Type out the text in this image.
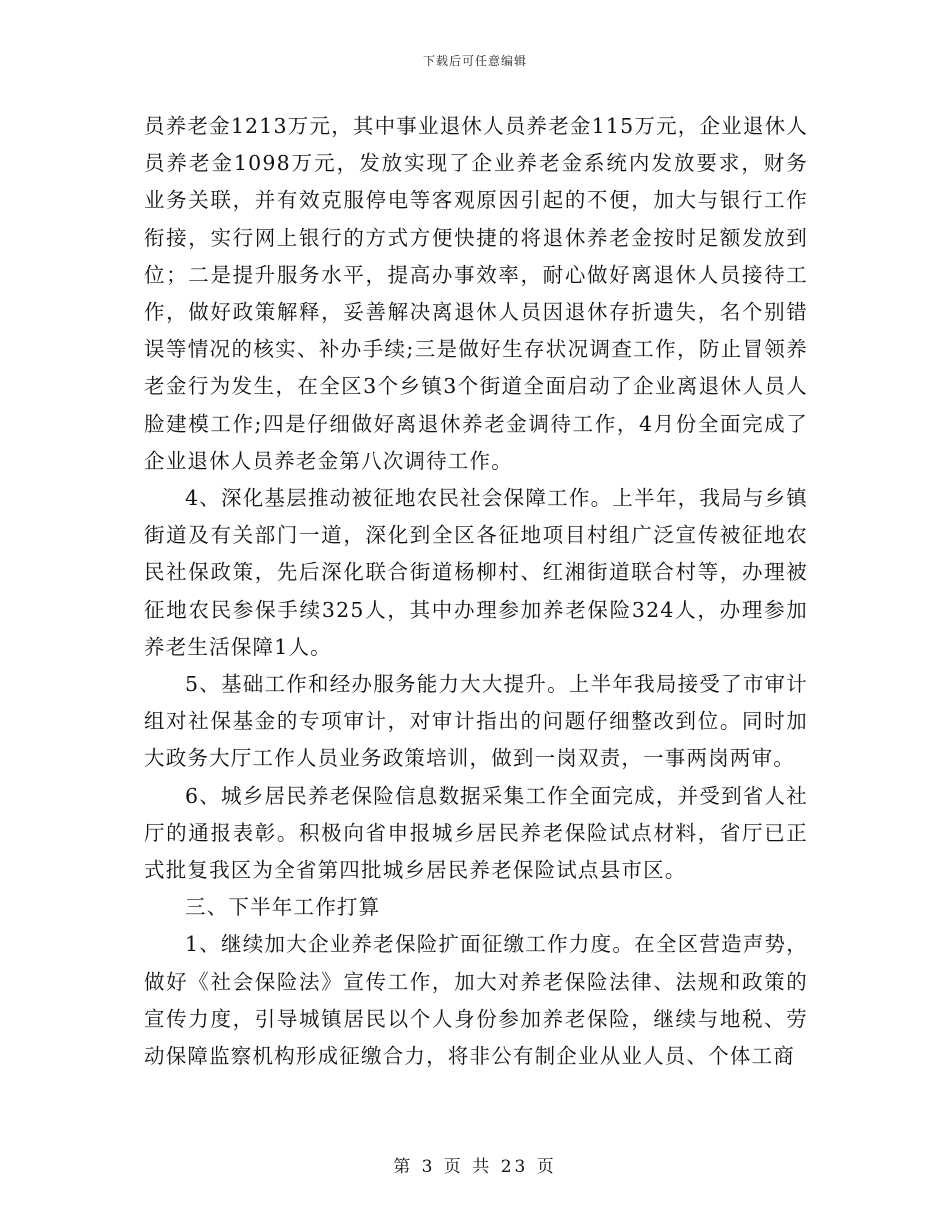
下载后可任意编辑

员养老金1213万元，其中事业退休人员养老金115万元，企业退休人员养老金1098万元，发放实现了企业养老金系统内发放要求，财务业务关联，并有效克服停电等客观原因引起的不便，加大与银行工作衔接，实行网上银行的方式方便快捷的将退休养老金按时足额发放到位；二是提升服务水平，提高办事效率，耐心做好离退休人员接待工作，做好政策解释，妥善解决离退休人员因退休存折遗失，名个别错误等情况的核实、补办手续;三是做好生存状况调查工作，防止冒领养老金行为发生，在全区3个乡镇3个街道全面启动了企业离退休人员人脸建模工作;四是仔细做好离退休养老金调待工作，4月份全面完成了企业退休人员养老金第八次调待工作。

4、深化基层推动被征地农民社会保障工作。上半年，我局与乡镇街道及有关部门一道，深化到全区各征地项目村组广泛宣传被征地农民社保政策，先后深化联合街道杨柳村、红湘街道联合村等，办理被征地农民参保手续325人，其中办理参加养老保险324人，办理参加养老生活保障1人。

5、基础工作和经办服务能力大大提升。上半年我局接受了市审计组对社保基金的专项审计，对审计指出的问题仔细整改到位。同时加大政务大厅工作人员业务政策培训，做到一岗双责，一事两岗两审。

6、城乡居民养老保险信息数据采集工作全面完成，并受到省人社厅的通报表彰。积极向省申报城乡居民养老保险试点材料，省厅已正式批复我区为全省第四批城乡居民养老保险试点县市区。

三、下半年工作打算

1、继续加大企业养老保险扩面征缴工作力度。在全区营造声势，做好《社会保险法》宣传工作，加大对养老保险法律、法规和政策的宣传力度，引导城镇居民以个人身份参加养老保险，继续与地税、劳动保障监察机构形成征缴合力，将非公有制企业从业人员、个体工商

第 3 页 共 23 页
